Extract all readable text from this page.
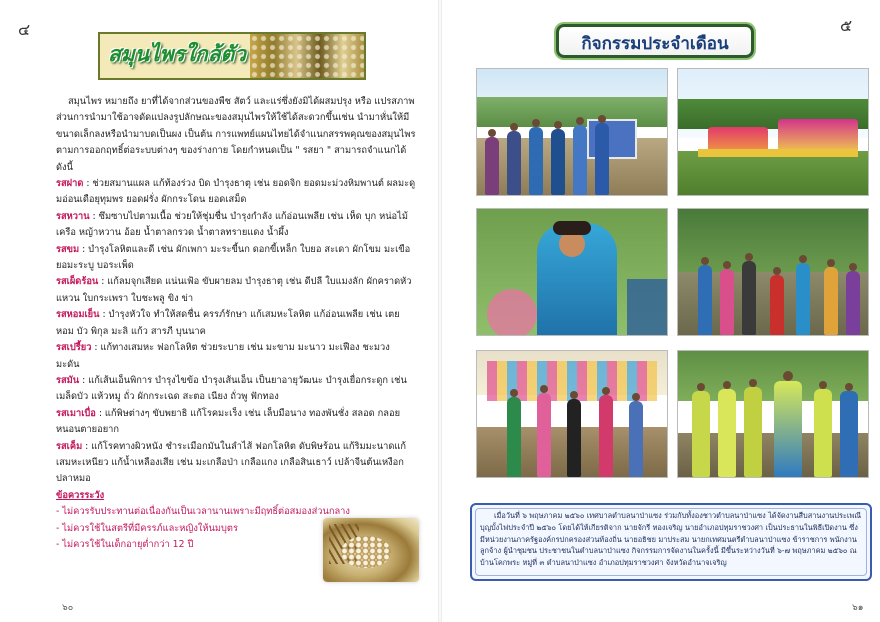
๔
สมุนไพรใกล้ตัว

สมุนไพร หมายถึง ยาที่ได้จากส่วนของพืช สัตว์ และแร่ซึ่งยังมิได้ผสมปรุง หรือ แปรสภาพ ส่วนการนำมาใช้อาจดัดแปลงรูปลักษณะของสมุนไพรให้ใช้ได้สะดวกขึ้นเช่น นำมาหั่นให้มีขนาดเล็กลงหรือนำมาบดเป็นผง เป็นต้น การแพทย์แผนไทยได้จำแนกสรรพคุณของสมุนไพรตามการออกฤทธิ์ต่อระบบต่างๆ ของร่างกาย โดยกำหนดเป็น " รสยา " สามารถจำแนกได้ดังนี้

รสฝาด : ช่วยสมานแผล แก้ท้องร่วง บิด บำรุงธาตุ เช่น ยอดจิก ยอดมะม่วงหิมพานต์ ผลมะดูมอ่อนเดือยุทุมพร ยอดฝรั่ง ผักกระโดน ยอดเสม็ด

รสหวาน : ซึมซาบไปตามเนื้อ ช่วยให้ชุ่มชื่น บำรุงกำลัง แก้อ่อนเพลีย เช่น เห็ด บุก หน่อไม้ เครือ หญ้าหวาน อ้อย น้ำตาลกรวด น้ำตาลทรายแดง น้ำผึ้ง

รสขม : บำรุงโลหิตและดี เช่น ผักเพกา มะระขี้นก ดอกขี้เหล็ก ใบยอ สะเดา ผักโขม มะเขือยอมะระบู บอระเพ็ด

รสเผ็ดร้อน : แก้ลมจุกเสียด แน่นเฟ้อ ขับผายลม บำรุงธาตุ เช่น ดีปลี ใบแมงลัก ผักคราดหัวแหวน ใบกระเพรา ใบชะพลู ขิง ข่า

รสหอมเย็น : บำรุงหัวใจ ทำให้สดชื่น ครรภ์รักษา แก้เสมหะโลหิต แก้อ่อนเพลีย เช่น เตยหอม บัว พิกุล มะลิ แก้ว สารภี บุนนาค

รสเปรี้ยว : แก้ทางเสมหะ ฟอกโลหิต ช่วยระบาย เช่น มะขาม มะนาว มะเฟือง ชะมวง มะดัน

รสมัน : แก้เส้นเอ็นพิการ บำรุงไขข้อ บำรุงเส้นเอ็น เป็นยาอายุวัฒนะ บำรุงเยื่อกระดูก เช่น เมล็ดบัว แห้วหมู ถั่ว ผักกระเฉด สะตอ เนียง ถั่วพู ฟักทอง

รสเมาเบื่อ : แก้พิษต่างๆ ขับพยาธิ แก้โรคมะเร็ง เช่น เล็บมือนาง ทองพันชั่ง สลอด กลอยหนอนตายอยาก

รสเค็ม : แก้โรคทางผิวหนัง ชำระเมือกมันในลำไส้ ฟอกโลหิต ดับพิษร้อน แก้ริมมะนาดแก้เสมหะเหนียว แก้น้ำเหลืองเสีย เช่น มะเกลือป่า เกลือแกง เกลือสินเธาว์ เปล้าจีนต้นเหงือกปลาหมอ

ข้อควรระวัง

- ไม่ควรรับประทานต่อเนื่องกันเป็นเวลานานเพราะมีฤทธิ์ต่อสมองส่วนกลาง

- ไม่ควรใช้ในสตรีที่มีครรภ์และหญิงให้นมบุตร

- ไม่ควรใช้ในเด็กอายุต่ำกว่า 12 ปี

๖๐
๕
กิจกรรมประจำเดือน

เมื่อวันที่ ๖ พฤษภาคม ๒๕๖๐ เทศบาลตำบลนาป่าแซง ร่วมกับทั้งองชาวตำบลนาป่าแซง ได้จัดงานสืบสานงานประเพณีบุญบั้งไฟประจำปี ๒๕๖๐ โดยได้ให้เกียรติจาก นายจักรี ทองเจริญ นายอำเภอปทุมราชวงศา เป็นประธานในพิธีเปิดงาน ซึ่งมีหน่วยงานภาครัฐองค์กรปกครองส่วนท้องถิ่น นายอธิชย มาประสม นายกเทศมนตรีตำบลนาป่าแซง ข้าราชการ พนักงาน ลูกจ้าง ผู้นำชุมชน ประชาชนในตำบลนาป่าแซง กิจกรรมการจัดงานในครั้งนี้ มีขึ้นระหว่างวันที่ ๖-๗ พฤษภาคม ๒๕๖๐ ณ บ้านโคกพระ หมู่ที่ ๓ ตำบลนาป่าแซง อำเภอปทุมราชวงศา จังหวัดอำนาจเจริญ

๖๑
